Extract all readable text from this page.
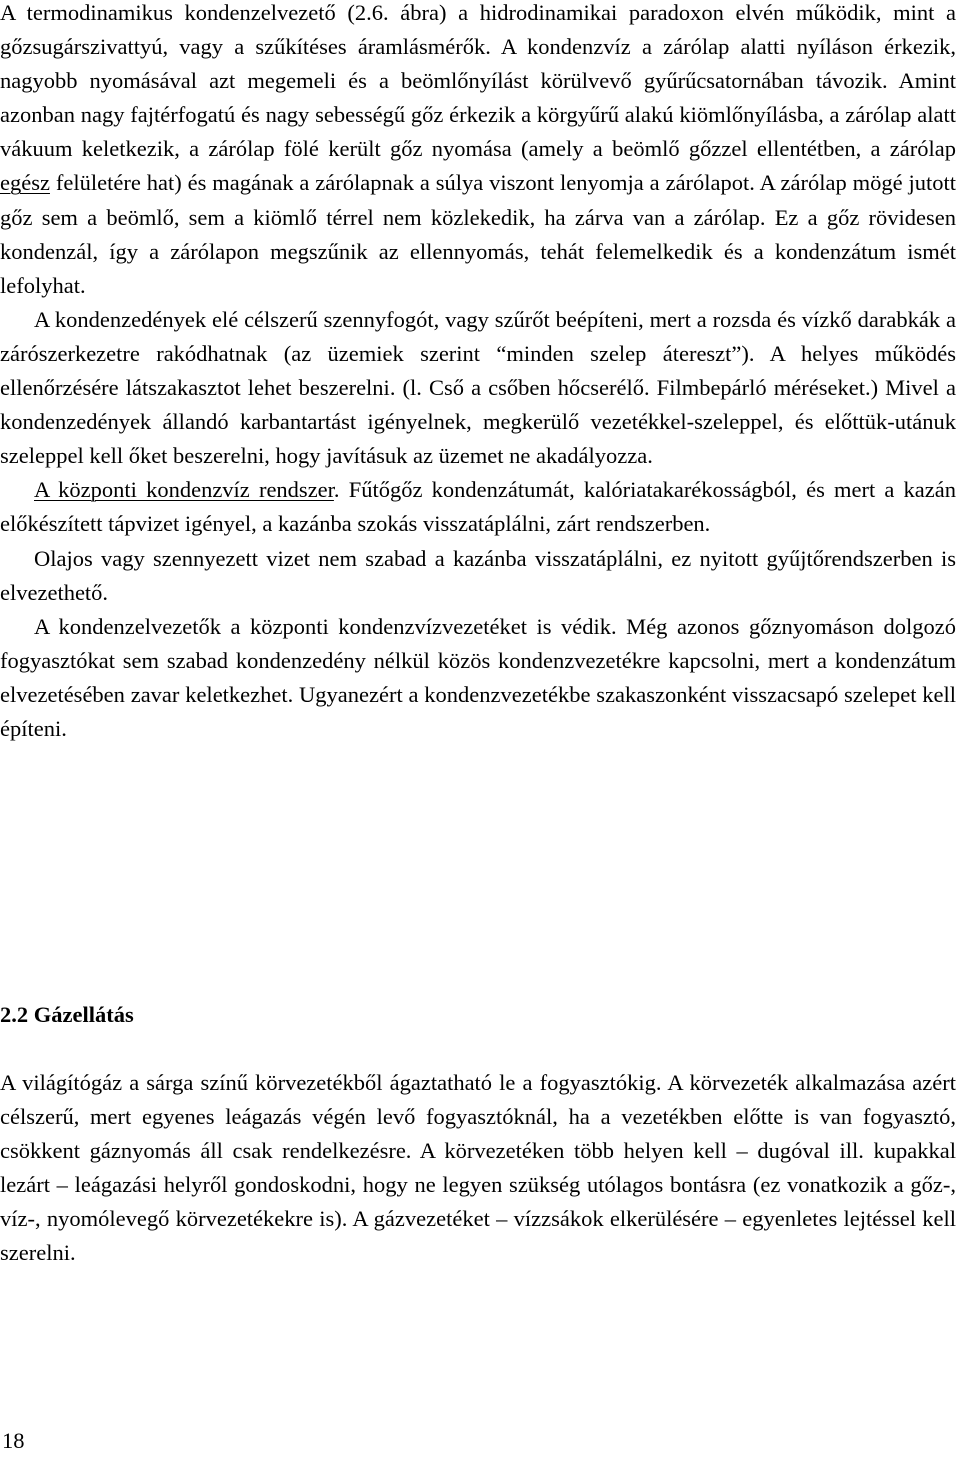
A termodinamikus kondenzelvezető (2.6. ábra) a hidrodinamikai paradoxon elvén működik, mint a gőzsugárszivattyú, vagy a szűkítéses áramlásmérők. A kondenzvíz a zárólap alatti nyíláson érkezik, nagyobb nyomásával azt megemeli és a beömlőnyílást körülvevő gyűrűcsatornában távozik. Amint azonban nagy fajtérfogatú és nagy sebességű gőz érkezik a körgyűrű alakú kiömlőnyílásba, a zárólap alatt vákuum keletkezik, a zárólap fölé került gőz nyomása (amely a beömlő gőzzel ellentétben, a zárólap egész felületére hat) és magának a zárólapnak a súlya viszont lenyomja a zárólapot. A zárólap mögé jutott gőz sem a beömlő, sem a kiömlő térrel nem közlekedik, ha zárva van a zárólap. Ez a gőz rövidesen kondenzál, így a zárólapon megszűnik az ellennyomás, tehát felemelkedik és a kondenzátum ismét lefolyhat.

A kondenzedények elé célszerű szennyfogót, vagy szűrőt beépíteni, mert a rozsda és vízkő darabkák a zárószerkezetre rakódhatnak (az üzemiek szerint “minden szelep átereszt”). A helyes működés ellenőrzésére látszakasztot lehet beszerelni. (l. Cső a csőben hőcserélő. Filmbepárló méréseket.) Mivel a kondenzedények állandó karbantartást igényelnek, megkerülő vezetékkel-szeleppel, és előttük-utánuk szeleppel kell őket beszerelni, hogy javításuk az üzemet ne akadályozza.

A központi kondenzvíz rendszer. Fűtőgőz kondenzátumát, kalóriatakarékosságból, és mert a kazán előkészített tápvizet igényel, a kazánba szokás visszatáplálni, zárt rendszerben.

Olajos vagy szennyezett vizet nem szabad a kazánba visszatáplálni, ez nyitott gyűjtőrendszerben is elvezethető.

A kondenzelvezetők a központi kondenzvízvezetéket is védik. Még azonos gőznyomáson dolgozó fogyasztókat sem szabad kondenzedény nélkül közös kondenzvezetékre kapcsolni, mert a kondenzátum elvezetésében zavar keletkezhet. Ugyanezért a kondenzvezetékbe szakaszonként visszacsapó szelepet kell építeni.

2.2 Gázellátás

A világítógáz a sárga színű körvezetékből ágaztatható le a fogyasztókig. A körvezeték alkalmazása azért célszerű, mert egyenes leágazás végén levő fogyasztóknál, ha a vezetékben előtte is van fogyasztó, csökkent gáznyomás áll csak rendelkezésre. A körvezetéken több helyen kell – dugóval ill. kupakkal lezárt – leágazási helyről gondoskodni, hogy ne legyen szükség utólagos bontásra (ez vonatkozik a gőz-, víz-, nyomólevegő körvezetékekre is). A gázvezetéket – vízzsákok elkerülésére – egyenletes lejtéssel kell szerelni.

18
